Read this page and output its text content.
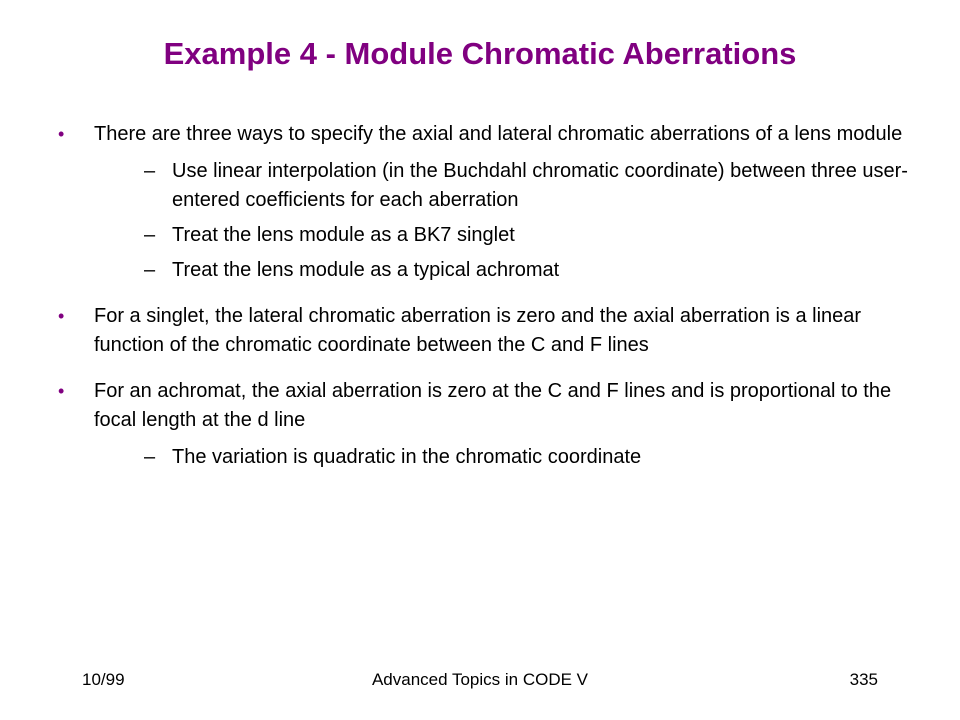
Example 4 - Module Chromatic Aberrations
• There are three ways to specify the axial and lateral chromatic aberrations of a lens module
– Use linear interpolation (in the Buchdahl chromatic coordinate) between three user-entered coefficients for each aberration
– Treat the lens module as a BK7 singlet
– Treat the lens module as a typical achromat
• For a singlet, the lateral chromatic aberration is zero and the axial aberration is a linear function of the chromatic coordinate between the C and F lines
• For an achromat, the axial aberration is zero at the C and F lines and is proportional to the focal length at the d line
– The variation is quadratic in the chromatic coordinate
10/99	Advanced Topics in CODE V	335
